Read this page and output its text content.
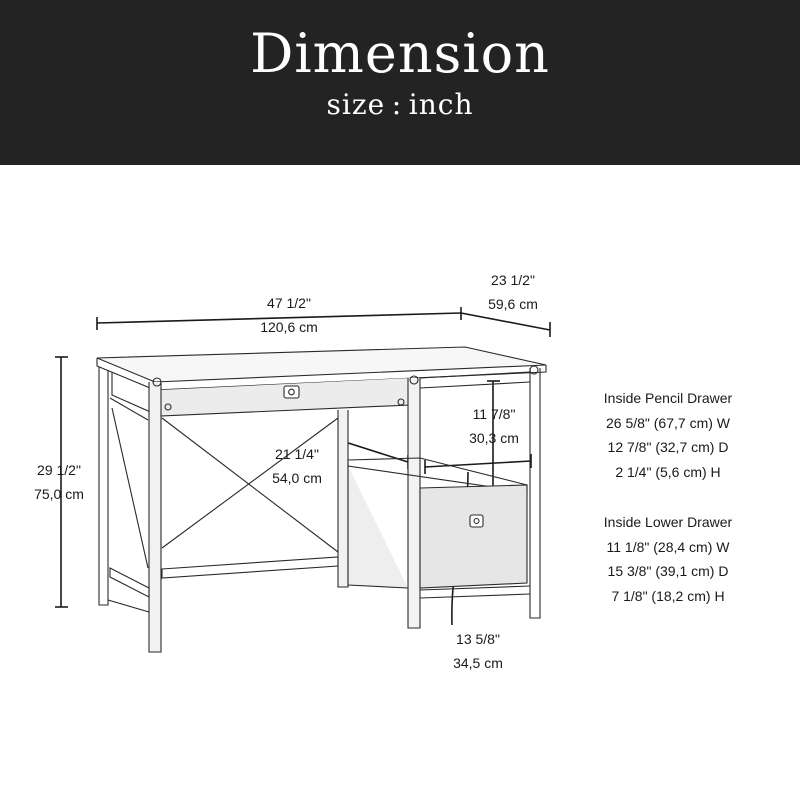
Dimension
size : inch
47 1/2"
120,6 cm
23 1/2"
59,6 cm
29 1/2"
75,0 cm
21 1/4"
54,0 cm
11 7/8"
30,3 cm
13 5/8"
34,5 cm
Inside Pencil Drawer
26 5/8" (67,7 cm) W
12 7/8" (32,7 cm) D
2 1/4" (5,6 cm) H
Inside Lower Drawer
11 1/8" (28,4 cm) W
15 3/8" (39,1 cm) D
7 1/8" (18,2 cm) H
